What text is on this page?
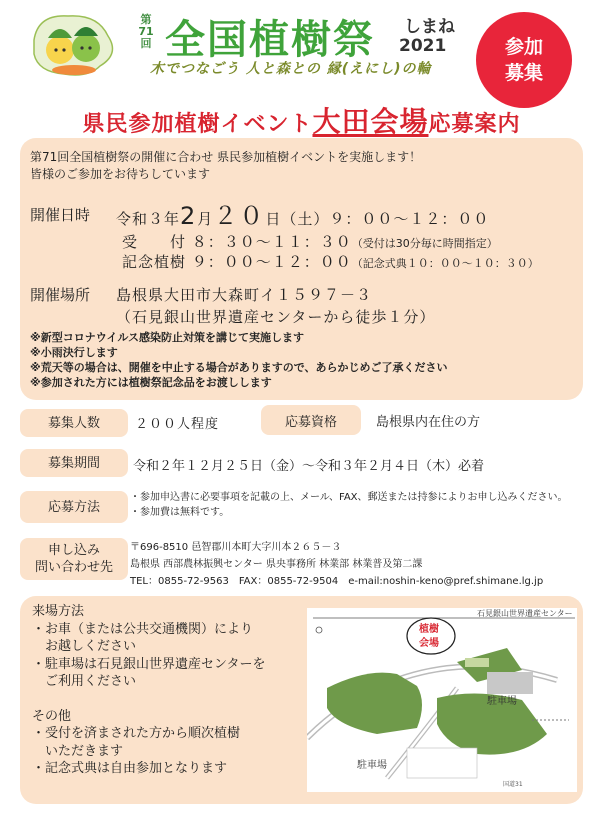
第71回 全国植樹祭 しまね
2021
木でつなごう 人と森との 縁(えにし)の輪
参加
募集
県民参加植樹イベント大田会場応募案内
第71回全国植樹祭の開催に合わせ 県民参加植樹イベントを実施します！
皆様のご参加をお待ちしています
開催日時 令和３年2月２０日（土）９：００～１２：００
受　　付 ８：３０～１１：３０（受付は30分毎に時間指定）
記念植樹 ９：００～１２：００（記念式典１０：００～１０：３０）
開催場所 島根県大田市大森町イ１５９７－３
（石見銀山世界遺産センターから徒歩１分）
※新型コロナウイルス感染防止対策を講じて実施します
※小雨決行します
※荒天等の場合は、開催を中止する場合がありますので、あらかじめご了承ください
※参加された方には植樹祭記念品をお渡しします
募集人数	２００人程度	応募資格	島根県内在住の方
募集期間	令和２年１２月２５日（金）～令和３年２月４日（木）必着
応募方法
・参加申込書に必要事項を記載の上、メール、FAX、郵送または持参によりお申し込みください。
・参加費は無料です。
申し込み
問い合わせ先
〒696-8510 邑智郡川本町大字川本２６５－３
島根県 西部農林振興センター 県央事務所 林業部 林業普及第二課
TEL：0855-72-9563　FAX：0855-72-9504　e-mail:noshin-keno@pref.shimane.lg.jp
来場方法
・お車（または公共交通機関）により
　お越しください
・駐車場は石見銀山世界遺産センターを
　ご利用ください
その他
・受付を済まされた方から順次植樹
　いただきます
・記念式典は自由参加となります
石見銀山世界遺産センター
植樹
会場
駐車場
駐車場
国道31
